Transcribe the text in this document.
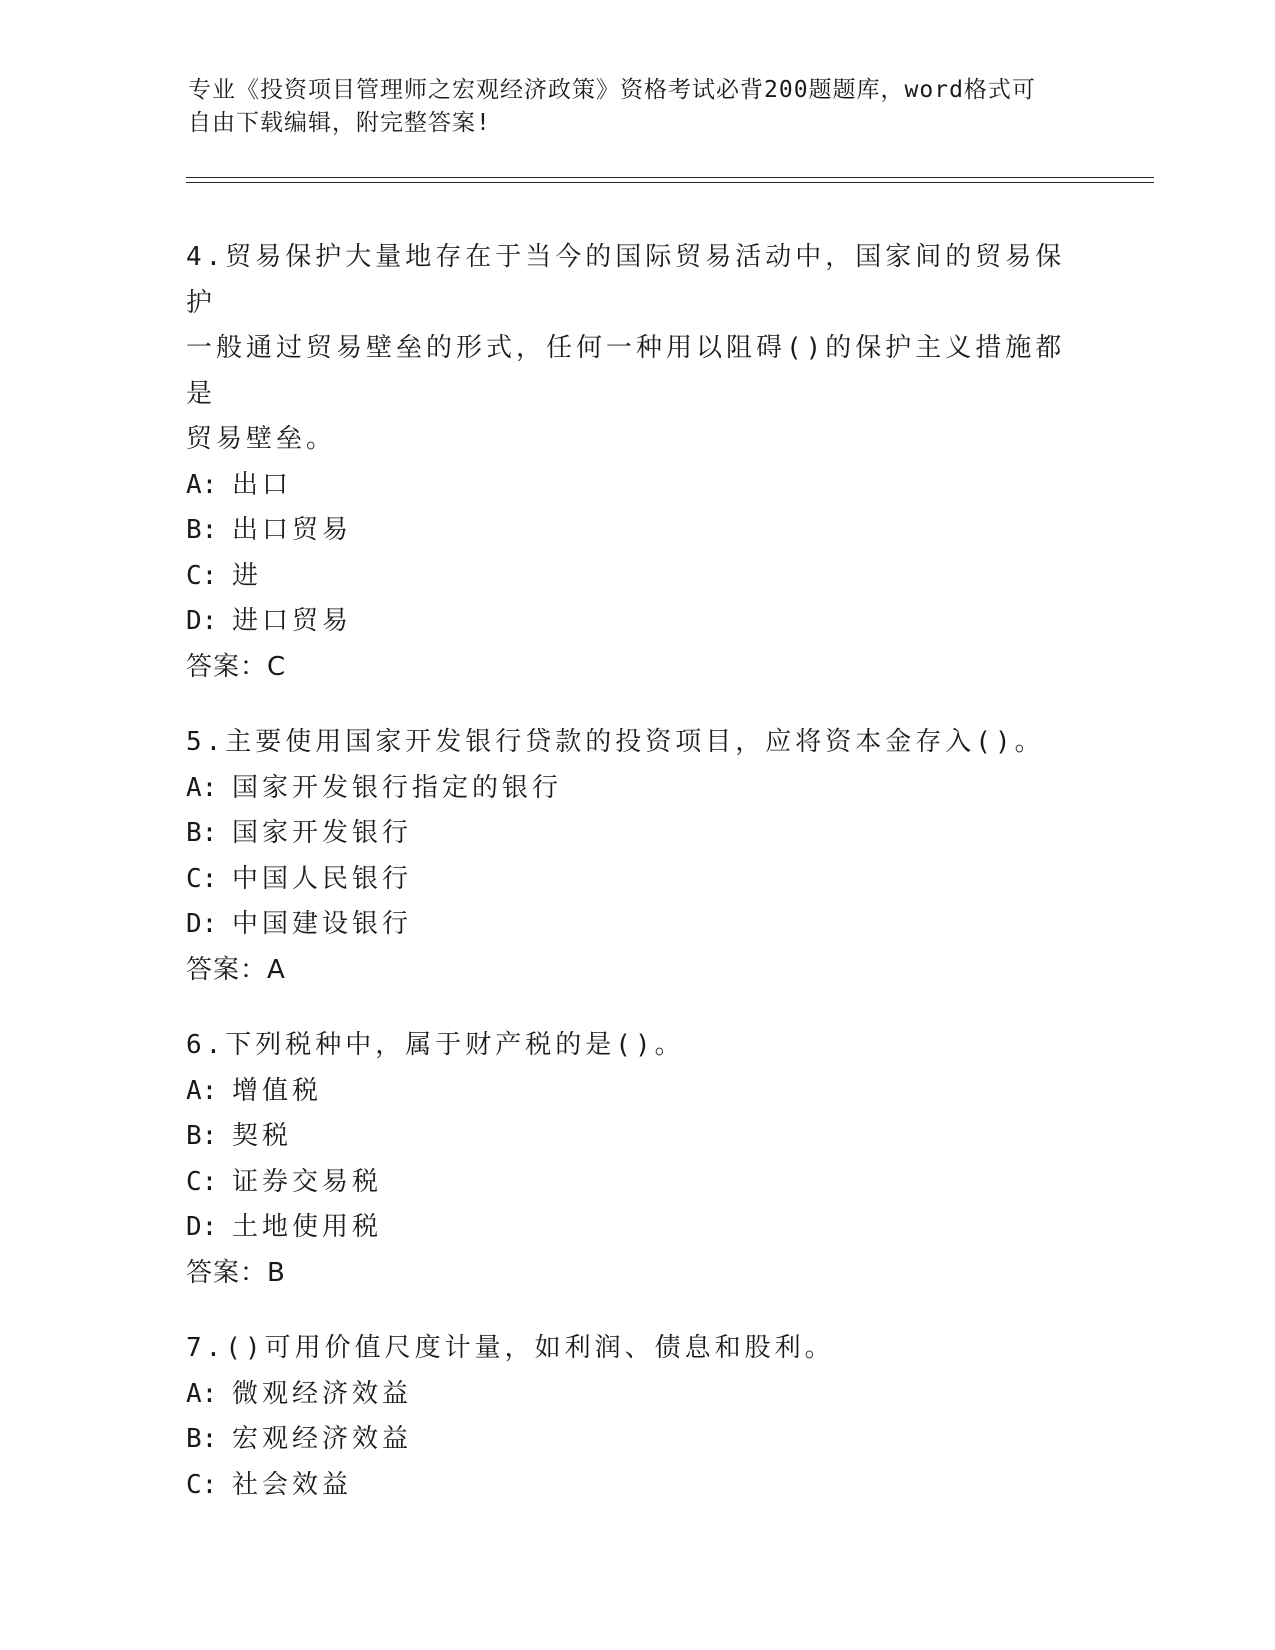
专业《投资项目管理师之宏观经济政策》资格考试必背200题题库，word格式可
自由下载编辑，附完整答案!
4.贸易保护大量地存在于当今的国际贸易活动中，国家间的贸易保护
一般通过贸易壁垒的形式，任何一种用以阻碍()的保护主义措施都是
贸易壁垒。
A: 出口
B: 出口贸易
C: 进
D: 进口贸易
答案：C
5.主要使用国家开发银行贷款的投资项目，应将资本金存入()。
A: 国家开发银行指定的银行
B: 国家开发银行
C: 中国人民银行
D: 中国建设银行
答案：A
6.下列税种中，属于财产税的是()。
A: 增值税
B: 契税
C: 证券交易税
D: 土地使用税
答案：B
7.()可用价值尺度计量，如利润、债息和股利。
A: 微观经济效益
B: 宏观经济效益
C: 社会效益
